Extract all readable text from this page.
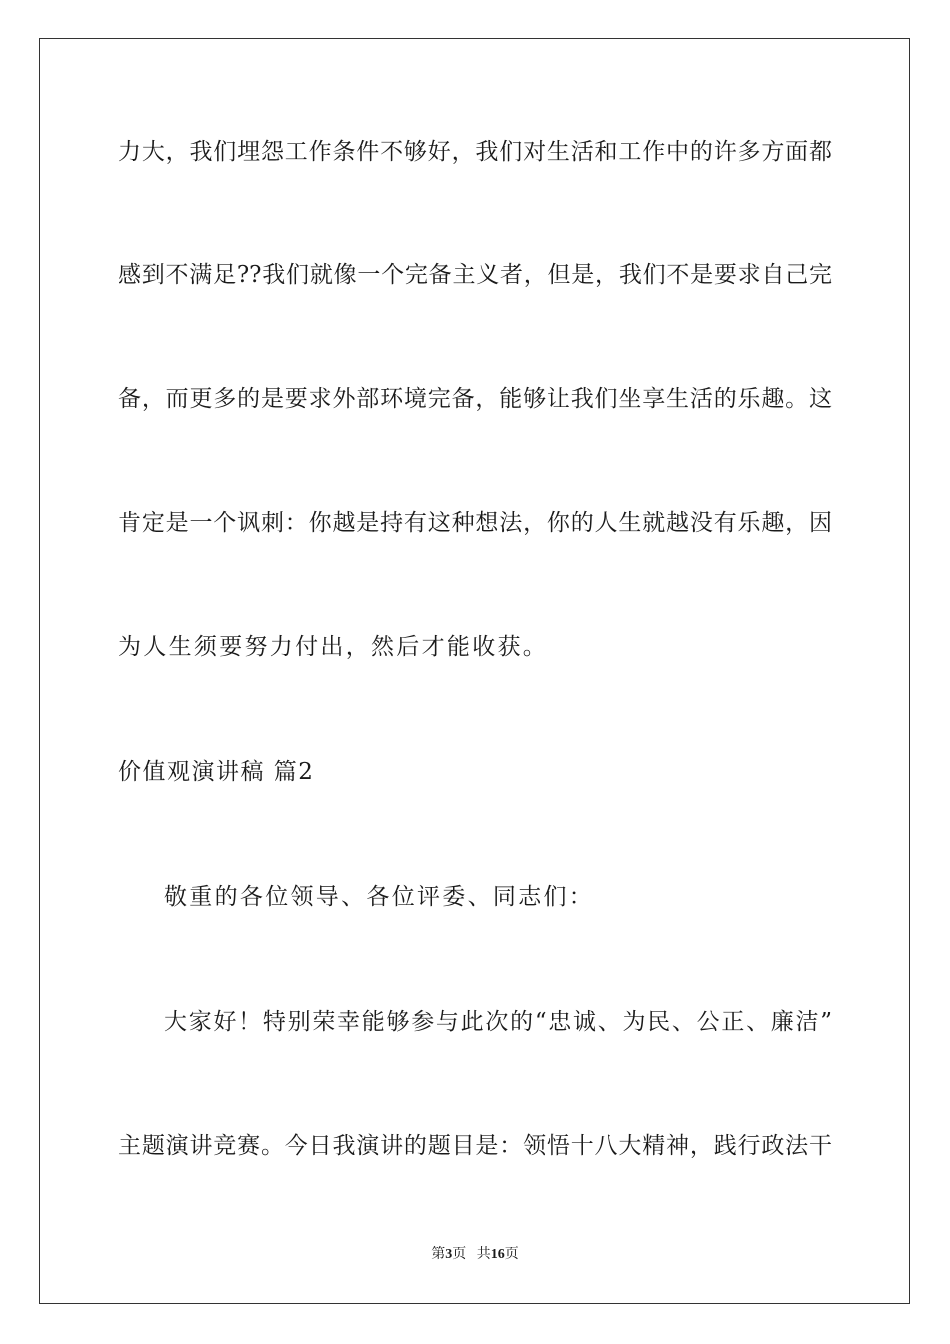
力大，我们埋怨工作条件不够好，我们对生活和工作中的许多方面都
感到不满足??我们就像一个完备主义者，但是，我们不是要求自己完
备，而更多的是要求外部环境完备，能够让我们坐享生活的乐趣。这
肯定是一个讽刺：你越是持有这种想法，你的人生就越没有乐趣，因
为人生须要努力付出，然后才能收获。
价值观演讲稿 篇2
敬重的各位领导、各位评委、同志们：
大家好！特别荣幸能够参与此次的“忠诚、为民、公正、廉洁”
主题演讲竞赛。今日我演讲的题目是：领悟十八大精神，践行政法干
第3页 共16页
